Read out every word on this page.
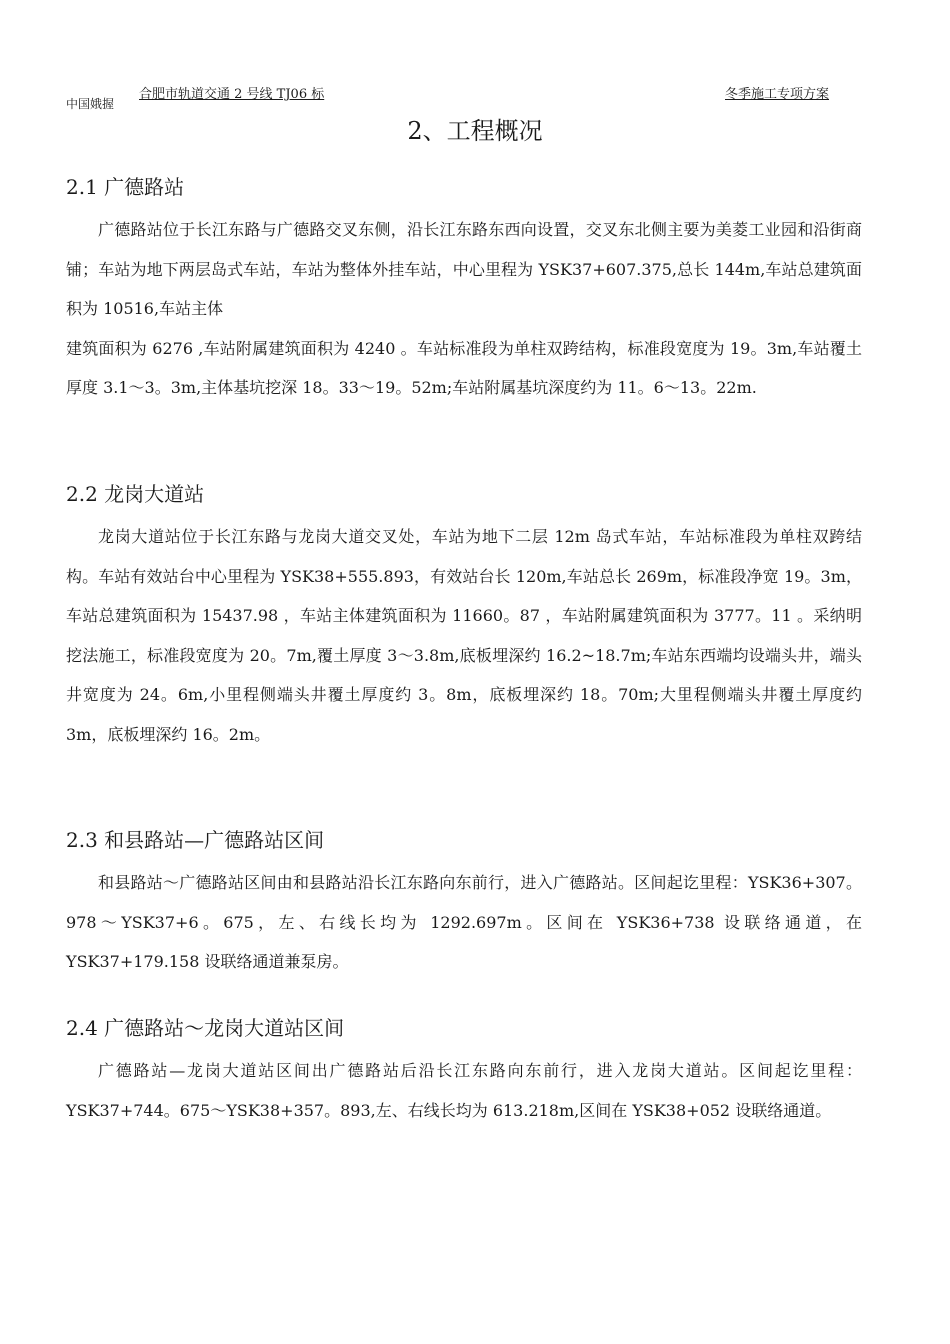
合肥市轨道交通 2 号线 TJ06 标	冬季施工专项方案
中国娥握
2、工程概况
2.1 广德路站

广德路站位于长江东路与广德路交叉东侧，沿长江东路东西向设置，交叉东北侧主要为美菱工业园和沿街商铺；车站为地下两层岛式车站，车站为整体外挂车站，中心里程为 YSK37+607.375,总长 144m,车站总建筑面积为 10516,车站主体

建筑面积为 6276 ,车站附属建筑面积为 4240 。车站标准段为单柱双跨结构，标准段宽度为 19。3m,车站覆土厚度 3.1〜3。3m,主体基坑挖深 18。33〜19。52m;车站附属基坑深度约为 11。6〜13。22m.

2.2 龙岗大道站

龙岗大道站位于长江东路与龙岗大道交叉处，车站为地下二层 12m 岛式车站，车站标准段为单柱双跨结构。车站有效站台中心里程为 YSK38+555.893，有效站台长 120m,车站总长 269m，标准段净宽 19。3m，车站总建筑面积为 15437.98 ，车站主体建筑面积为 11660。87 ，车站附属建筑面积为 3777。11 。采纳明挖法施工，标准段宽度为 20。7m,覆土厚度 3〜3.8m,底板埋深约 16.2~18.7m;车站东西端均设端头井，端头井宽度为 24。6m,小里程侧端头井覆土厚度约 3。8m，底板埋深约 18。70m;大里程侧端头井覆土厚度约 3m，底板埋深约 16。2m。

2.3 和县路站—广德路站区间

和县路站〜广德路站区间由和县路站沿长江东路向东前行，进入广德路站。区间起讫里程：YSK36+307。978〜YSK37+6。675，左、右线长均为 1292.697m。区间在 YSK36+738 设联络通道，在 YSK37+179.158 设联络通道兼泵房。

2.4 广德路站〜龙岗大道站区间

广德路站—龙岗大道站区间出广德路站后沿长江东路向东前行，进入龙岗大道站。区间起讫里程：YSK37+744。675〜YSK38+357。893,左、右线长均为 613.218m,区间在 YSK38+052 设联络通道。
